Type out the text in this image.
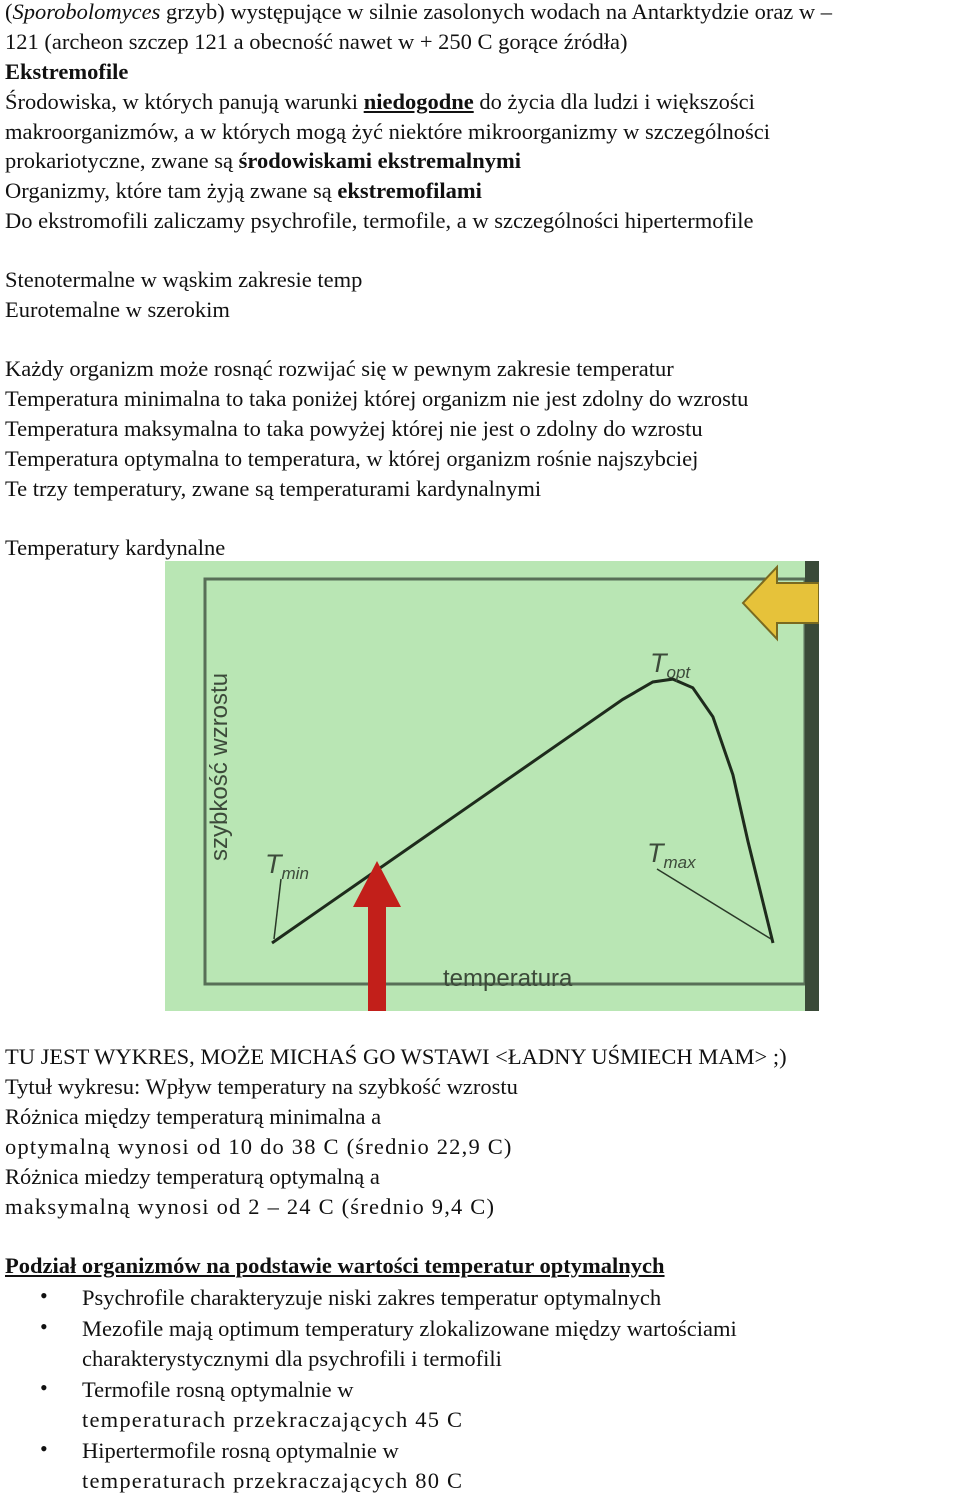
(Sporobolomyces grzyb) występujące w silnie zasolonych wodach na Antarktydzie oraz w –
121 (archeon szczep 121 a obecność nawet w + 250 C gorące źródła)
Ekstremofile
Środowiska, w których panują warunki niedogodne do życia dla ludzi i większości
makroorganizmów, a w których mogą żyć niektóre mikroorganizmy w szczególności
prokariotyczne, zwane są środowiskami ekstremalnymi
Organizmy, które tam żyją zwane są ekstremofilami
Do ekstromofili zaliczamy psychrofile, termofile, a w szczególności hipertermofile
Stenotermalne w wąskim zakresie temp
Eurotemalne w szerokim
Każdy organizm może rosnąć rozwijać się w pewnym zakresie temperatur
Temperatura minimalna to taka poniżej której organizm nie jest zdolny do wzrostu
Temperatura maksymalna to taka powyżej której nie jest o zdolny do wzrostu
Temperatura optymalna to temperatura, w której organizm rośnie najszybciej
Te trzy temperatury, zwane są temperaturami kardynalnymi
Temperatury kardynalne
szybkość wzrostu
temperatura
$T_{min}$
$T_{opt}$
$T_{max}$
TU JEST WYKRES, MOŻE MICHAŚ GO WSTAWI <ŁADNY UŚMIECH MAM> ;)
Tytuł wykresu: Wpływ temperatury na szybkość wzrostu
Różnica między temperaturą minimalna a
optymalną wynosi od 10 do 38 C (średnio 22,9 C)
Różnica miedzy temperaturą optymalną a
maksymalną wynosi od 2 – 24 C (średnio 9,4 C)
Podział organizmów na podstawie wartości temperatur optymalnych
• Psychrofile charakteryzuje niski zakres temperatur optymalnych
• Mezofile mają optimum temperatury zlokalizowane między wartościami
charakterystycznymi dla psychrofili i termofili
• Termofile rosną optymalnie w
temperaturach przekraczających 45 C
• Hipertermofile rosną optymalnie w
temperaturach przekraczających 80 C
